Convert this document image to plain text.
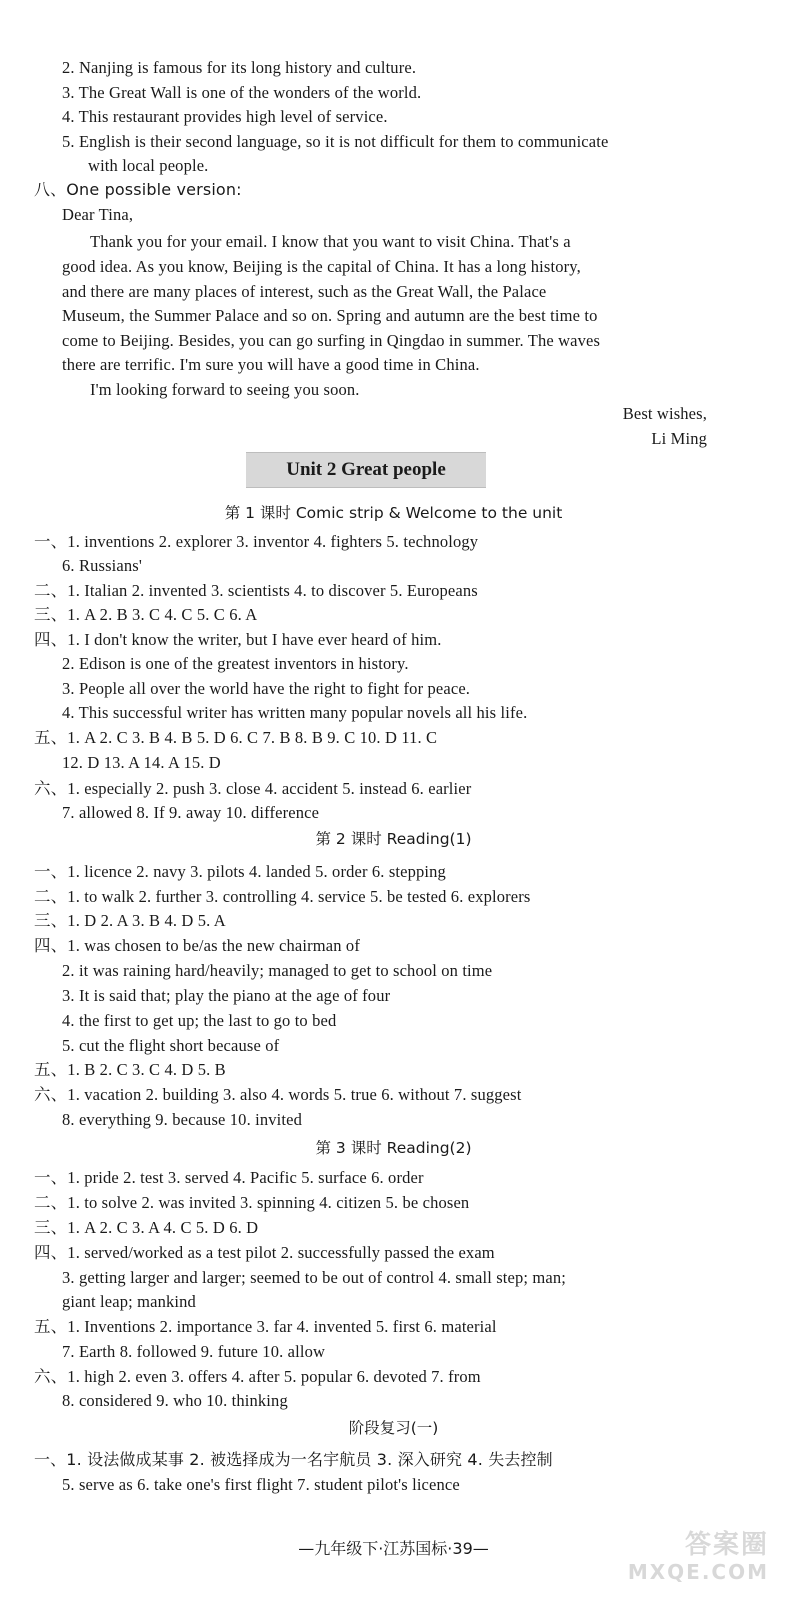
2. Nanjing is famous for its long history and culture.
3. The Great Wall is one of the wonders of the world.
4. This restaurant provides high level of service.
5. English is their second language, so it is not difficult for them to communicate
with local people.
八、One possible version:
Dear Tina,
Thank you for your email. I know that you want to visit China. That's a
good idea. As you know, Beijing is the capital of China. It has a long history,
and there are many places of interest, such as the Great Wall, the Palace
Museum, the Summer Palace and so on. Spring and autumn are the best time to
come to Beijing. Besides, you can go surfing in Qingdao in summer. The waves
there are terrific. I'm sure you will have a good time in China.
I'm looking forward to seeing you soon.
Best wishes,
Li Ming
Unit 2 Great people
第 1 课时 Comic strip & Welcome to the unit
一、1. inventions 2. explorer 3. inventor 4. fighters 5. technology
6. Russians'
二、1. Italian 2. invented 3. scientists 4. to discover 5. Europeans
三、1. A 2. B 3. C 4. C 5. C 6. A
四、1. I don't know the writer, but I have ever heard of him.
2. Edison is one of the greatest inventors in history.
3. People all over the world have the right to fight for peace.
4. This successful writer has written many popular novels all his life.
五、1. A 2. C 3. B 4. B 5. D 6. C 7. B 8. B 9. C 10. D 11. C
12. D 13. A 14. A 15. D
六、1. especially 2. push 3. close 4. accident 5. instead 6. earlier
7. allowed 8. If 9. away 10. difference
第 2 课时 Reading(1)
一、1. licence 2. navy 3. pilots 4. landed 5. order 6. stepping
二、1. to walk 2. further 3. controlling 4. service 5. be tested 6. explorers
三、1. D 2. A 3. B 4. D 5. A
四、1. was chosen to be/as the new chairman of
2. it was raining hard/heavily; managed to get to school on time
3. It is said that; play the piano at the age of four
4. the first to get up; the last to go to bed
5. cut the flight short because of
五、1. B 2. C 3. C 4. D 5. B
六、1. vacation 2. building 3. also 4. words 5. true 6. without 7. suggest
8. everything 9. because 10. invited
第 3 课时 Reading(2)
一、1. pride 2. test 3. served 4. Pacific 5. surface 6. order
二、1. to solve 2. was invited 3. spinning 4. citizen 5. be chosen
三、1. A 2. C 3. A 4. C 5. D 6. D
四、1. served/worked as a test pilot 2. successfully passed the exam
3. getting larger and larger; seemed to be out of control 4. small step; man;
giant leap; mankind
五、1. Inventions 2. importance 3. far 4. invented 5. first 6. material
7. Earth 8. followed 9. future 10. allow
六、1. high 2. even 3. offers 4. after 5. popular 6. devoted 7. from
8. considered 9. who 10. thinking
阶段复习(一)
一、1. 设法做成某事 2. 被选择成为一名宇航员 3. 深入研究 4. 失去控制
5. serve as 6. take one's first flight 7. student pilot's licence
—九年级下·江苏国标·39—	答案圈
MXQE.COM
